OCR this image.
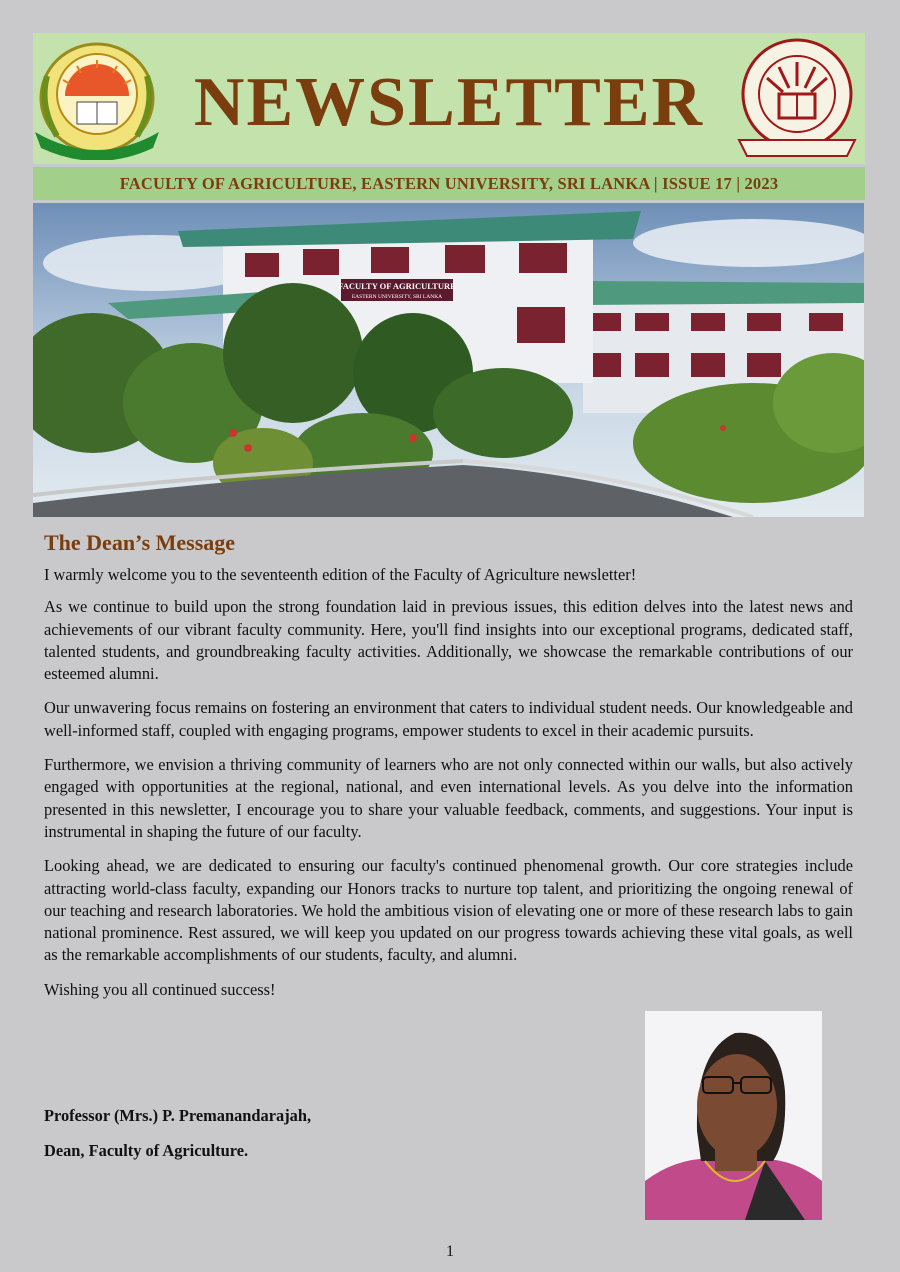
NEWSLETTER
FACULTY OF AGRICULTURE, EASTERN UNIVERSITY, SRI LANKA | ISSUE 17 | 2023
FACULTY OF AGRICULTURE
EASTERN UNIVERSITY, SRI LANKA
The Dean’s Message

I warmly welcome you to the seventeenth edition of the Faculty of Agriculture newsletter!

As we continue to build upon the strong foundation laid in previous issues, this edition delves into the latest news and achievements of our vibrant faculty community. Here, you'll find insights into our exceptional programs, dedicated staff, talented students, and groundbreaking faculty activities. Additionally, we showcase the remarkable contributions of our esteemed alumni.

Our unwavering focus remains on fostering an environment that caters to individual student needs. Our knowledgeable and well-informed staff, coupled with engaging programs, empower students to excel in their academic pursuits.

Furthermore, we envision a thriving community of learners who are not only connected within our walls, but also actively engaged with opportunities at the regional, national, and even international levels. As you delve into the information presented in this newsletter, I encourage you to share your valuable feedback, comments, and suggestions. Your input is instrumental in shaping the future of our faculty.

Looking ahead, we are dedicated to ensuring our faculty's continued phenomenal growth. Our core strategies include attracting world-class faculty, expanding our Honors tracks to nurture top talent, and prioritizing the ongoing renewal of our teaching and research laboratories. We hold the ambitious vision of elevating one or more of these research labs to gain national prominence. Rest assured, we will keep you updated on our progress towards achieving these vital goals, as well as the remarkable accomplishments of our students, faculty, and alumni.

Wishing you all continued success!

Professor (Mrs.) P. Premanandarajah,
Dean, Faculty of Agriculture.
1
